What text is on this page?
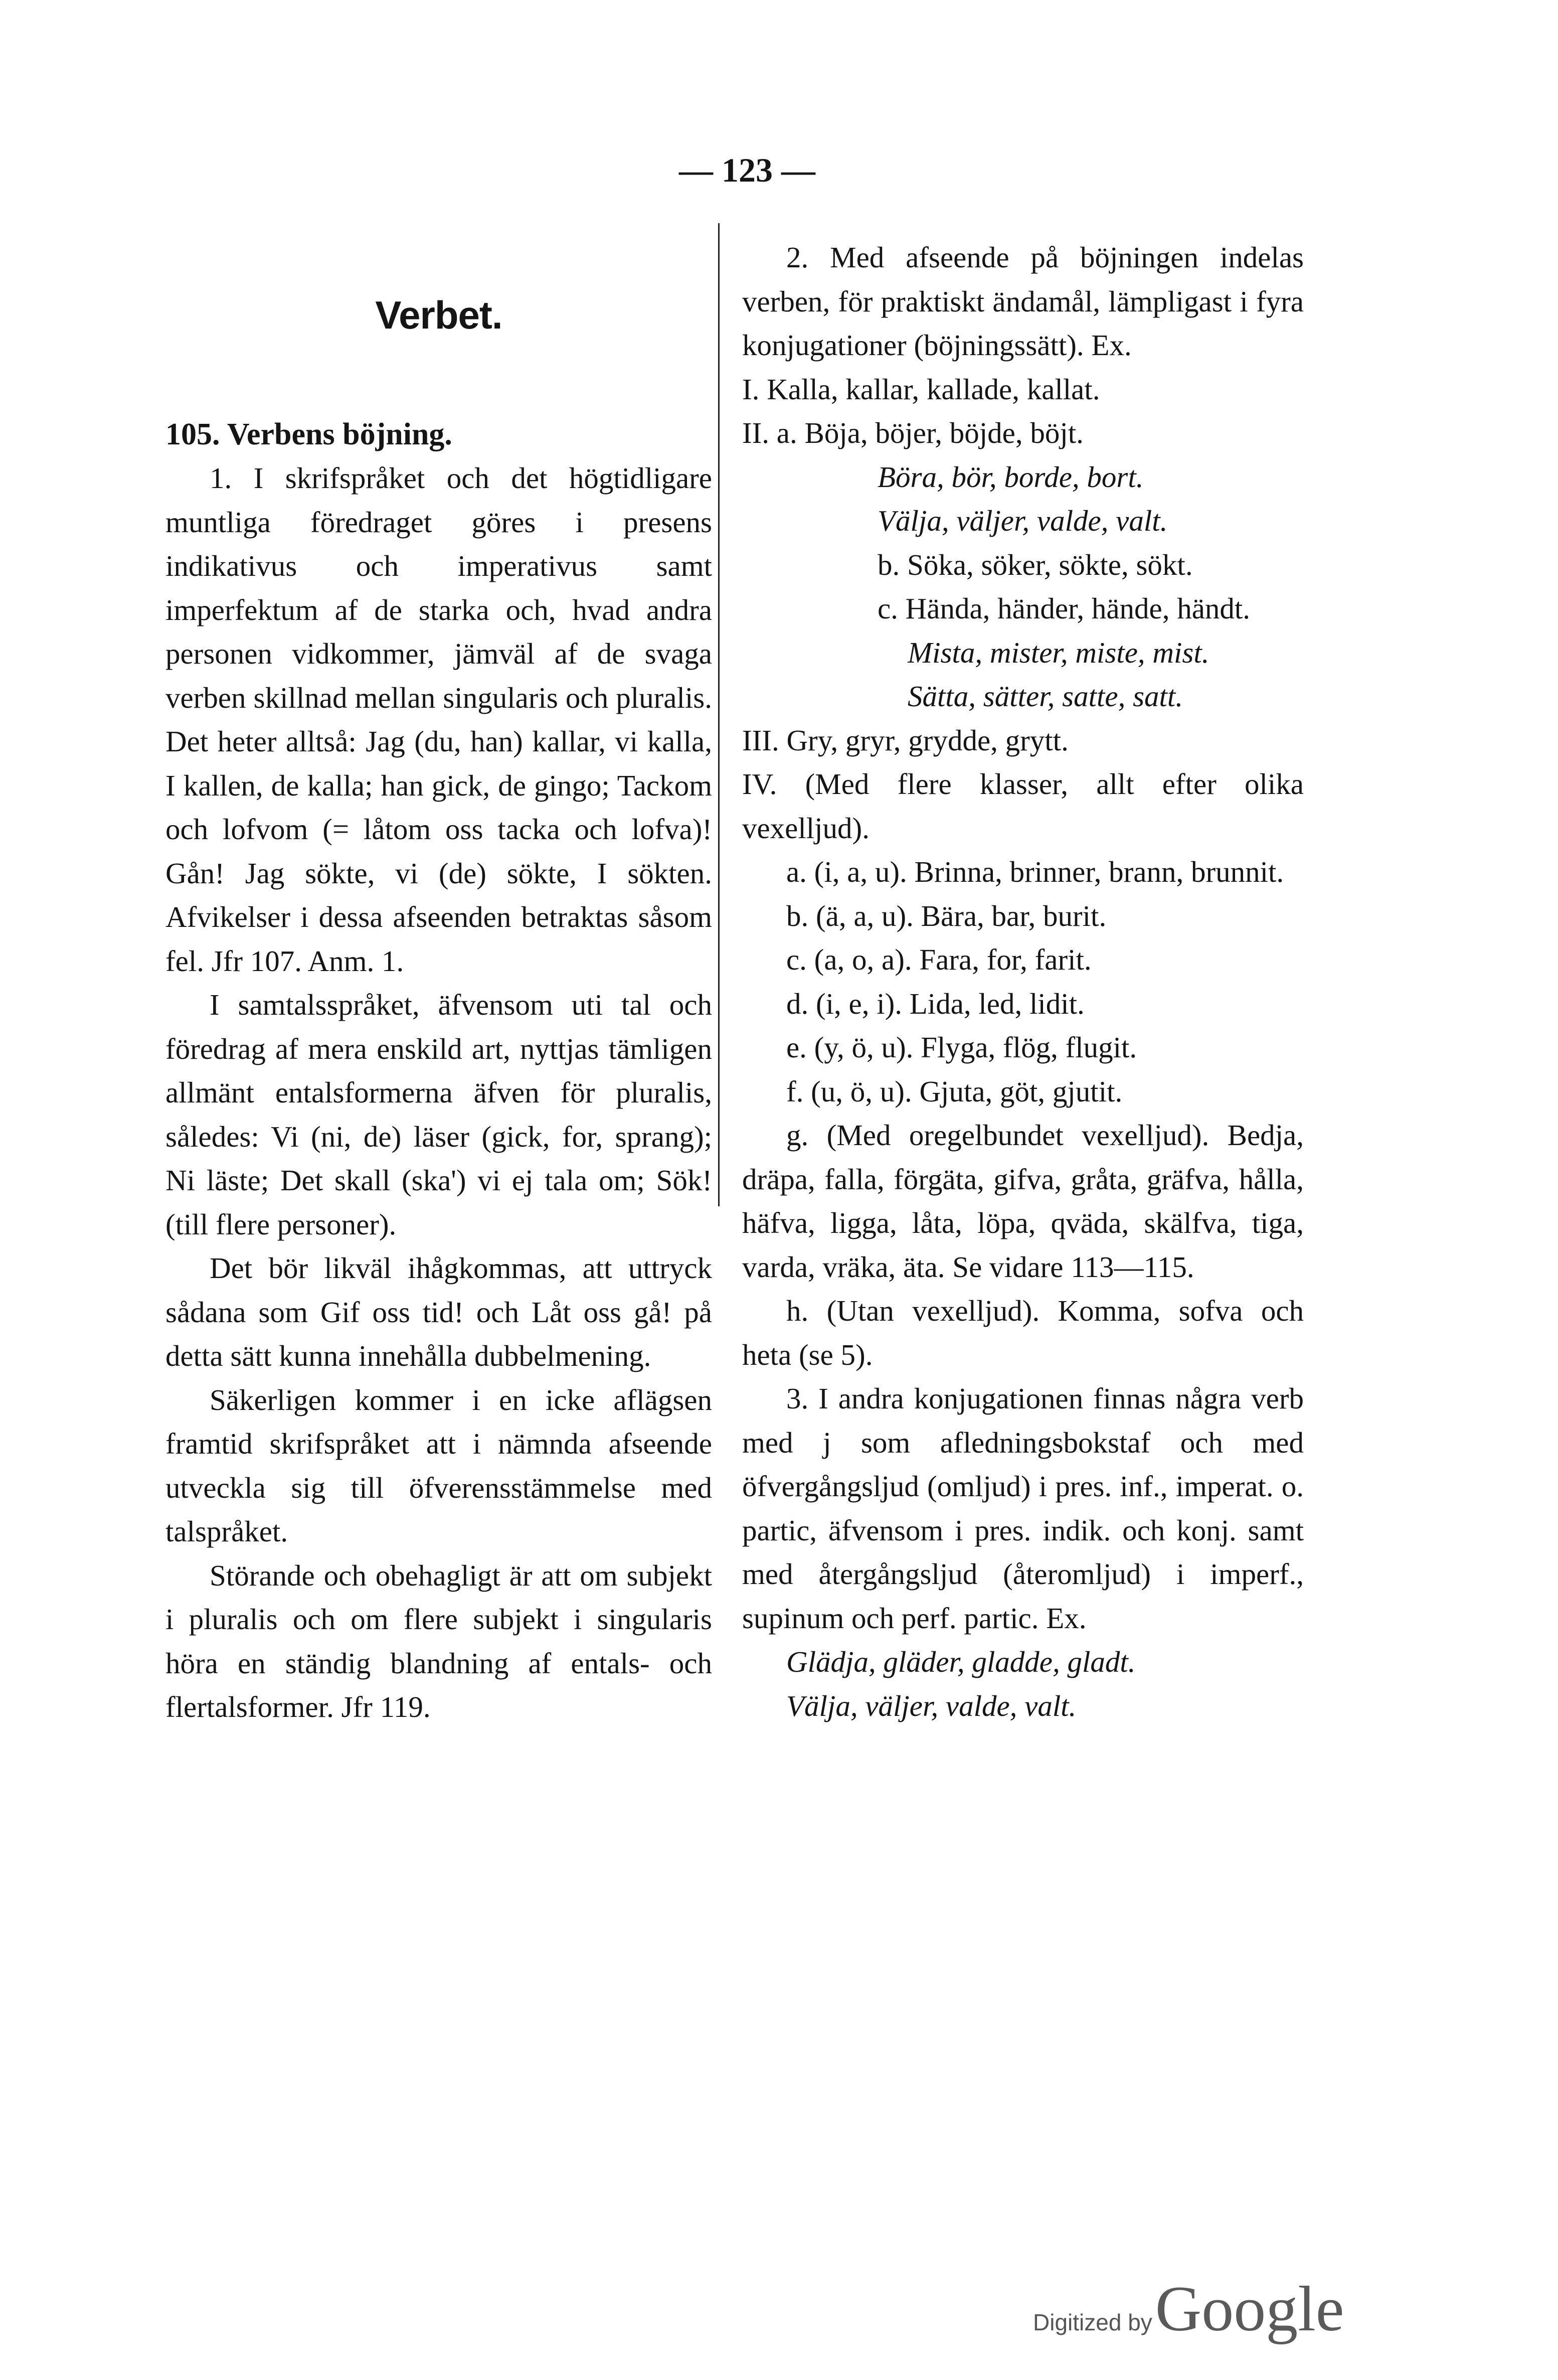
— 123 —
Verbet.
105. Verbens böjning.

1. I skrifspråket och det högtidligare muntliga föredraget göres i presens indikativus och imperativus samt imperfektum af de starka och, hvad andra personen vidkommer, jämväl af de svaga verben skillnad mellan singularis och pluralis. Det heter alltså: Jag (du, han) kallar, vi kalla, I kallen, de kalla; han gick, de gingo; Tackom och lofvom (= låtom oss tacka och lofva)! Gån! Jag sökte, vi (de) sökte, I sökten. Afvikelser i dessa afseenden betraktas såsom fel. Jfr 107. Anm. 1.

I samtalsspråket, äfvensom uti tal och föredrag af mera enskild art, nyttjas tämligen allmänt entalsformerna äfven för pluralis, således: Vi (ni, de) läser (gick, for, sprang); Ni läste; Det skall (ska') vi ej tala om; Sök! (till flere personer).

Det bör likväl ihågkommas, att uttryck sådana som Gif oss tid! och Låt oss gå! på detta sätt kunna innehålla dubbelmening.

Säkerligen kommer i en icke aflägsen framtid skrifspråket att i nämnda afseende utveckla sig till öfverensstämmelse med talspråket.

Störande och obehagligt är att om subjekt i pluralis och om flere subjekt i singularis höra en ständig blandning af entals- och flertalsformer. Jfr 119.

2. Med afseende på böjningen indelas verben, för praktiskt ändamål, lämpligast i fyra konjugationer (böjningssätt). Ex.

I. Kalla, kallar, kallade, kallat.

II. a. Böja, böjer, böjde, böjt.

Böra, bör, borde, bort.

Välja, väljer, valde, valt.

b. Söka, söker, sökte, sökt.

c. Hända, händer, hände, händt.

Mista, mister, miste, mist.

Sätta, sätter, satte, satt.

III. Gry, gryr, grydde, grytt.

IV. (Med flere klasser, allt efter olika vexelljud).

a. (i, a, u). Brinna, brinner, brann, brunnit.

b. (ä, a, u). Bära, bar, burit.

c. (a, o, a). Fara, for, farit.

d. (i, e, i). Lida, led, lidit.

e. (y, ö, u). Flyga, flög, flugit.

f. (u, ö, u). Gjuta, göt, gjutit.

g. (Med oregelbundet vexelljud). Bedja, dräpa, falla, förgäta, gifva, gråta, gräfva, hålla, häfva, ligga, låta, löpa, qväda, skälfva, tiga, varda, vräka, äta. Se vidare 113—115.

h. (Utan vexelljud). Komma, sofva och heta (se 5).

3. I andra konjugationen finnas några verb med j som afledningsbokstaf och med öfvergångsljud (omljud) i pres. inf., imperat. o. partic, äfvensom i pres. indik. och konj. samt med återgångsljud (återomljud) i imperf., supinum och perf. partic. Ex.

Glädja, gläder, gladde, gladt.

Välja, väljer, valde, valt.

Digitized by Google
